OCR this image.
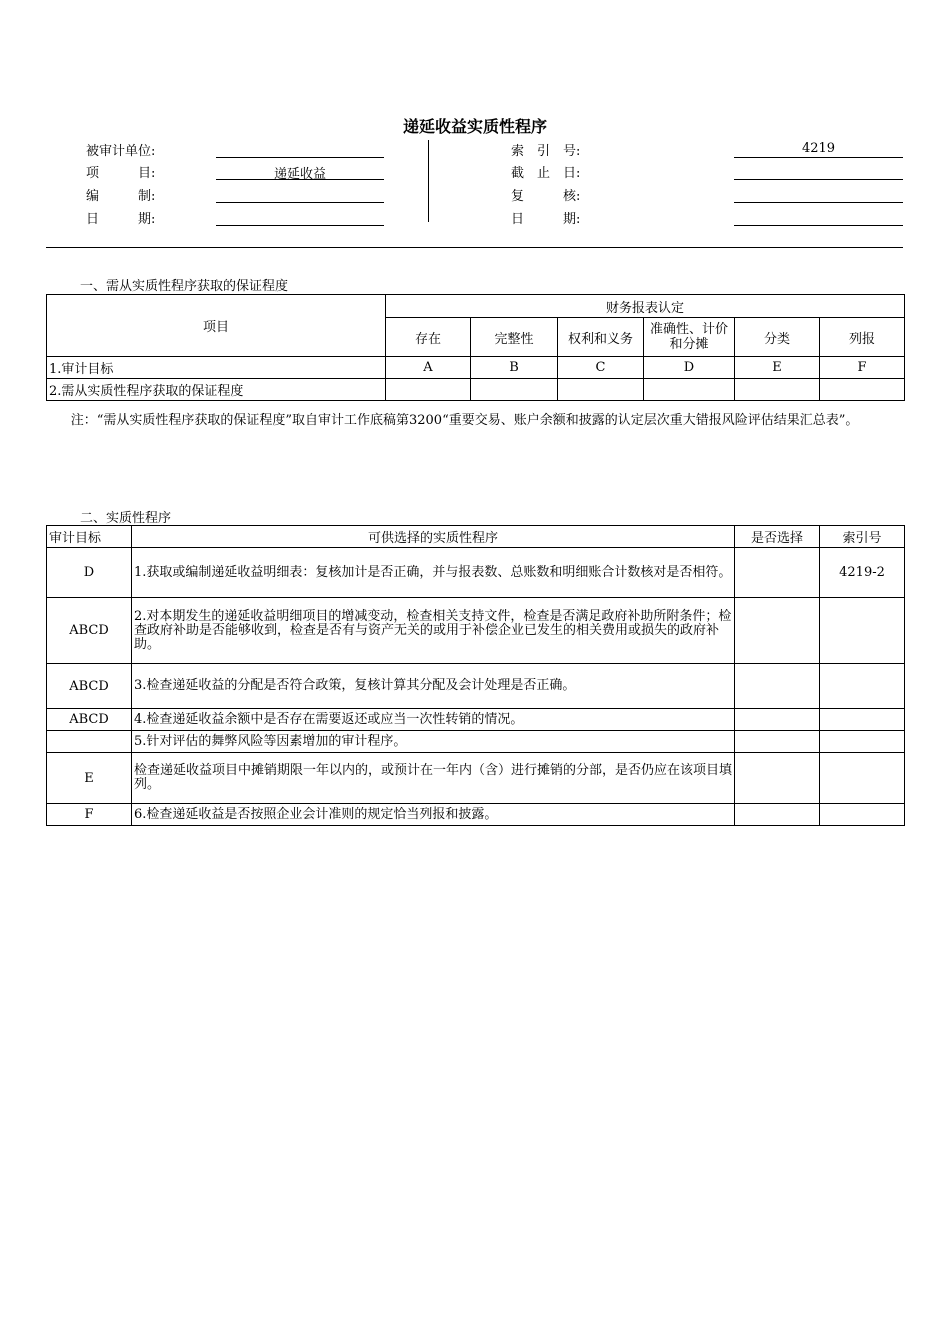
递延收益实质性程序
被审计单位:
项　　　目:	递延收益
编　　　制:
日　　　期:
索　引　号:	4219
截　止　日:
复　　　核:
日　　　期:
一、需从实质性程序获取的保证程度
项目	财务报表认定					
	存在	完整性	权利和义务	准确性、计价和分摊	分类	列报
1.审计目标	A	B	C	D	E	F
2.需从实质性程序获取的保证程度						
注：“需从实质性程序获取的保证程度”取自审计工作底稿第3200“重要交易、账户余额和披露的认定层次重大错报风险评估结果汇总表”。
二、实质性程序
审计目标	可供选择的实质性程序	是否选择	索引号
D	1.获取或编制递延收益明细表：复核加计是否正确，并与报表数、总账数和明细账合计数核对是否相符。		4219-2
ABCD	2.对本期发生的递延收益明细项目的增减变动，检查相关支持文件，检查是否满足政府补助所附条件；检查政府补助是否能够收到，检查是否有与资产无关的或用于补偿企业已发生的相关费用或损失的政府补助。		
ABCD	3.检查递延收益的分配是否符合政策，复核计算其分配及会计处理是否正确。		
ABCD	4.检查递延收益余额中是否存在需要返还或应当一次性转销的情况。		
	5.针对评估的舞弊风险等因素增加的审计程序。		
E	检查递延收益项目中摊销期限一年以内的，或预计在一年内（含）进行摊销的分部，是否仍应在该项目填列。		
F	6.检查递延收益是否按照企业会计准则的规定恰当列报和披露。		
